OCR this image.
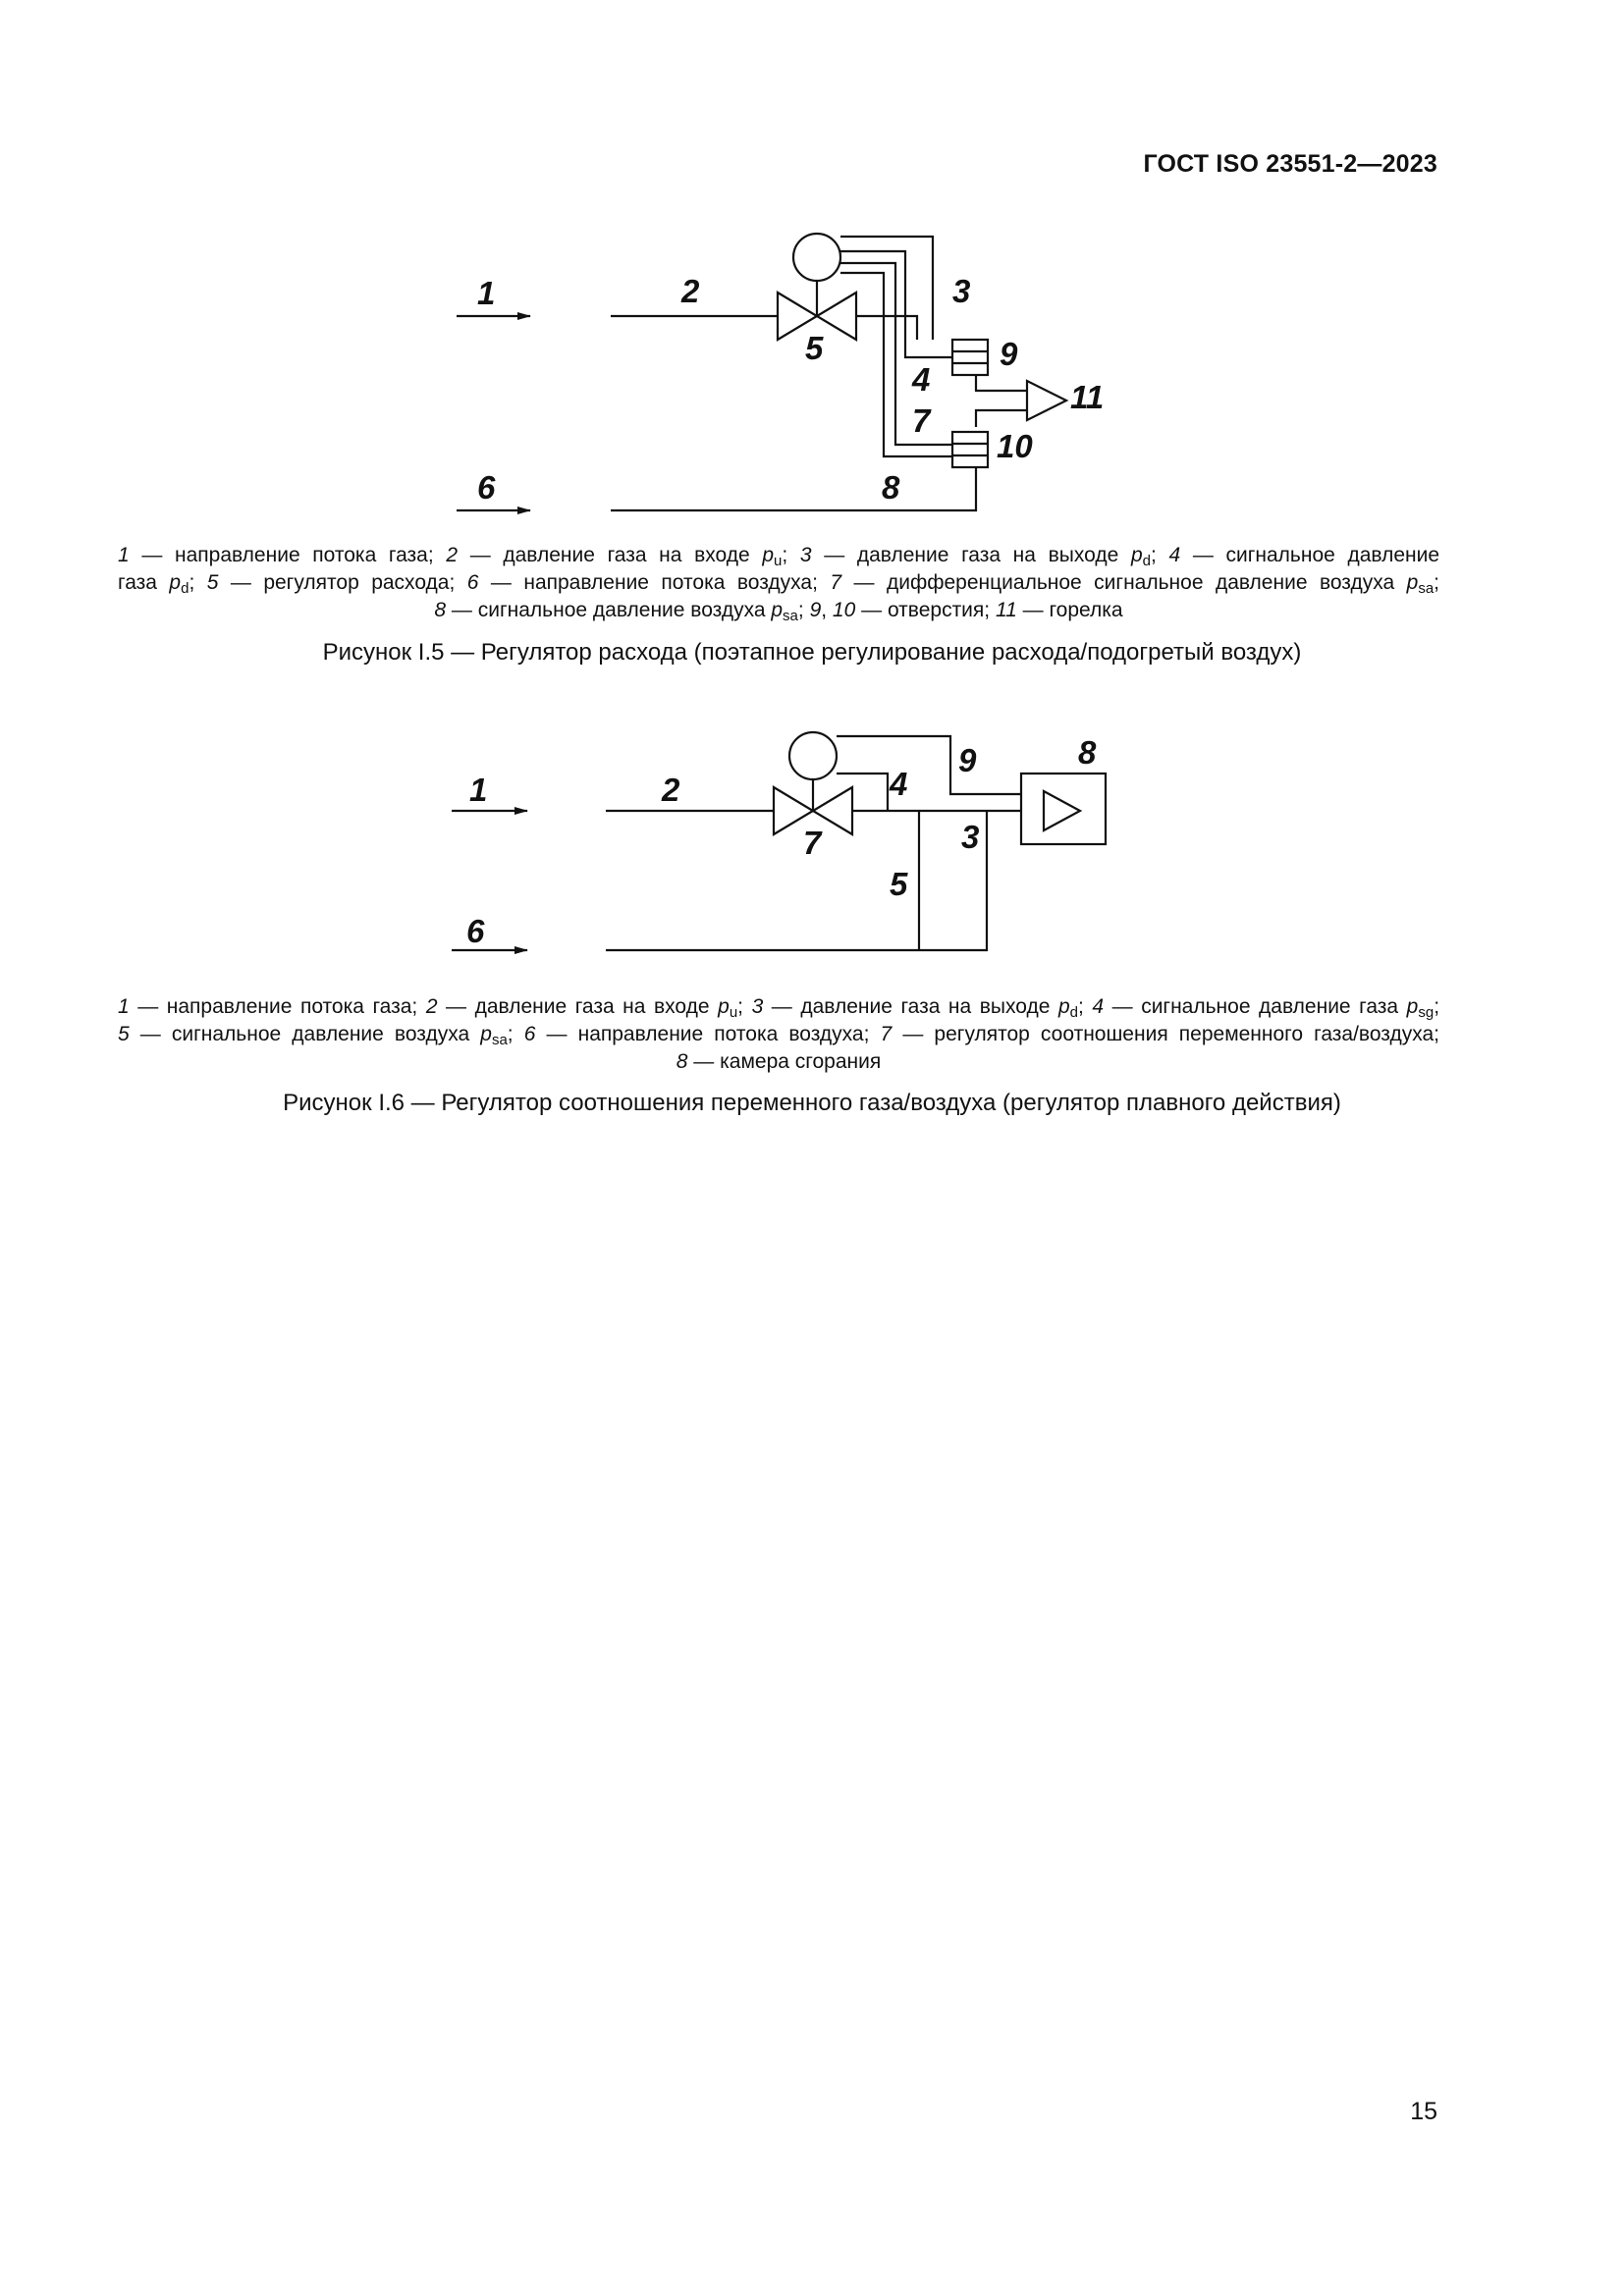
ГОСТ ISO 23551-2—2023
1	2	3
4
5
6
7
8
9
10
11
1 — направление потока газа; 2 — давление газа на входе $p_u$; 3 — давление газа на выходе $p_d$; 4 — сигнальное давление
газа $p_d$; 5 — регулятор расхода; 6 — направление потока воздуха; 7 — дифференциальное сигнальное давление воздуха $p_{sa}$;
8 — сигнальное давление воздуха $p_{sa}$; 9, 10 — отверстия; 11 — горелка
Рисунок I.5 — Регулятор расхода (поэтапное регулирование расхода/подогретый воздух)
1	2
3
4
5
6
7
8
9
1 — направление потока газа; 2 — давление газа на входе $p_u$; 3 — давление газа на выходе $p_d$; 4 — сигнальное давление газа $p_{sg}$;
5 — сигнальное давление воздуха $p_{sa}$; 6 — направление потока воздуха; 7 — регулятор соотношения переменного газа/воздуха;
8 — камера сгорания
Рисунок I.6 — Регулятор соотношения переменного газа/воздуха (регулятор плавного действия)
15
